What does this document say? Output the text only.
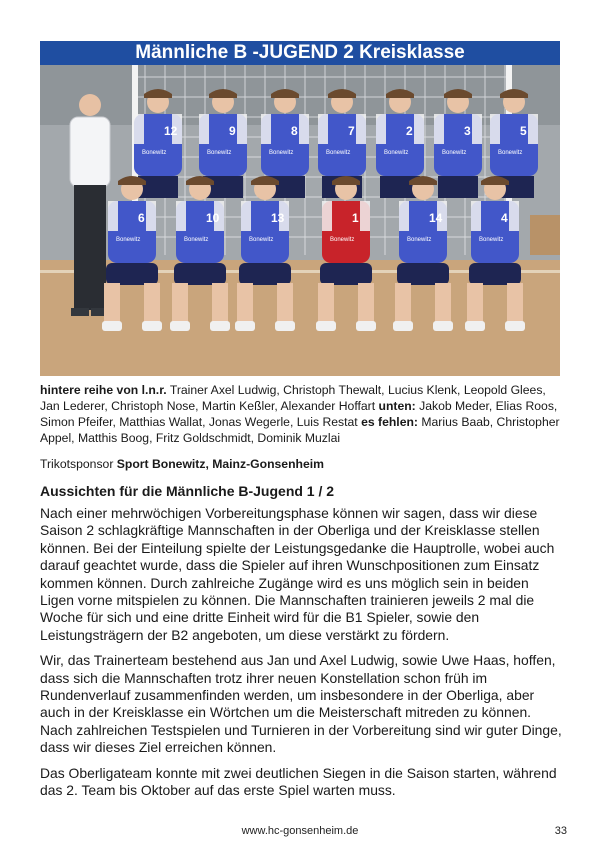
Männliche B -JUGEND 2 Kreisklasse
12
Bonewitz
9
Bonewitz
8
Bonewitz
7
Bonewitz
2
Bonewitz
3
Bonewitz
5
Bonewitz
6
Bonewitz
10
Bonewitz
13
Bonewitz
1
Bonewitz
14
Bonewitz
4
Bonewitz
hintere reihe von l.n.r. Trainer Axel Ludwig, Christoph Thewalt, Lucius Klenk, Leopold Glees, Jan Lederer, Christoph Nose, Martin Keßler, Alexander Hoffart unten: Jakob Meder, Elias Roos, Simon Pfeifer, Matthias Wallat, Jonas Wegerle, Luis Restat es fehlen: Marius Baab, Christopher Appel, Matthis Boog, Fritz Goldschmidt, Dominik Muzlai
Trikotsponsor Sport Bonewitz, Mainz-Gonsenheim
Aussichten für die Männliche B-Jugend 1 / 2

Nach einer mehrwöchigen Vorbereitungsphase können wir sagen, dass wir diese Saison 2 schlagkräftige Mannschaften in der Oberliga und der Kreisklasse stellen können. Bei der Einteilung spielte der Leistungsgedanke die Hauptrolle, wobei auch darauf geachtet wurde, dass die Spieler auf ihren Wunschpositionen zum Einsatz kommen können. Durch zahlreiche Zugänge wird es uns möglich sein in beiden Ligen vorne mitspielen zu können. Die Mannschaften trainieren jeweils 2 mal die Woche für sich und eine dritte Einheit wird für die B1 Spieler, sowie den Leistungsträgern der B2 angeboten, um diese verstärkt zu fördern.

Wir, das Trainerteam bestehend aus Jan und Axel Ludwig, sowie Uwe Haas, hoffen, dass sich die Mannschaften trotz ihrer neuen Konstellation schon früh im Rundenverlauf zusammenfinden werden, um insbesondere in der Oberliga, aber auch in der Kreisklasse ein Wörtchen um die Meisterschaft mitreden zu können. Nach zahlreichen Testspielen und Turnieren in der Vorbereitung sind wir guter Dinge, dass wir dieses Ziel erreichen können.

Das Oberligateam konnte mit zwei deutlichen Siegen in die Saison starten, während das 2. Team bis Oktober auf das erste Spiel warten muss.

www.hc-gonsenheim.de	33
